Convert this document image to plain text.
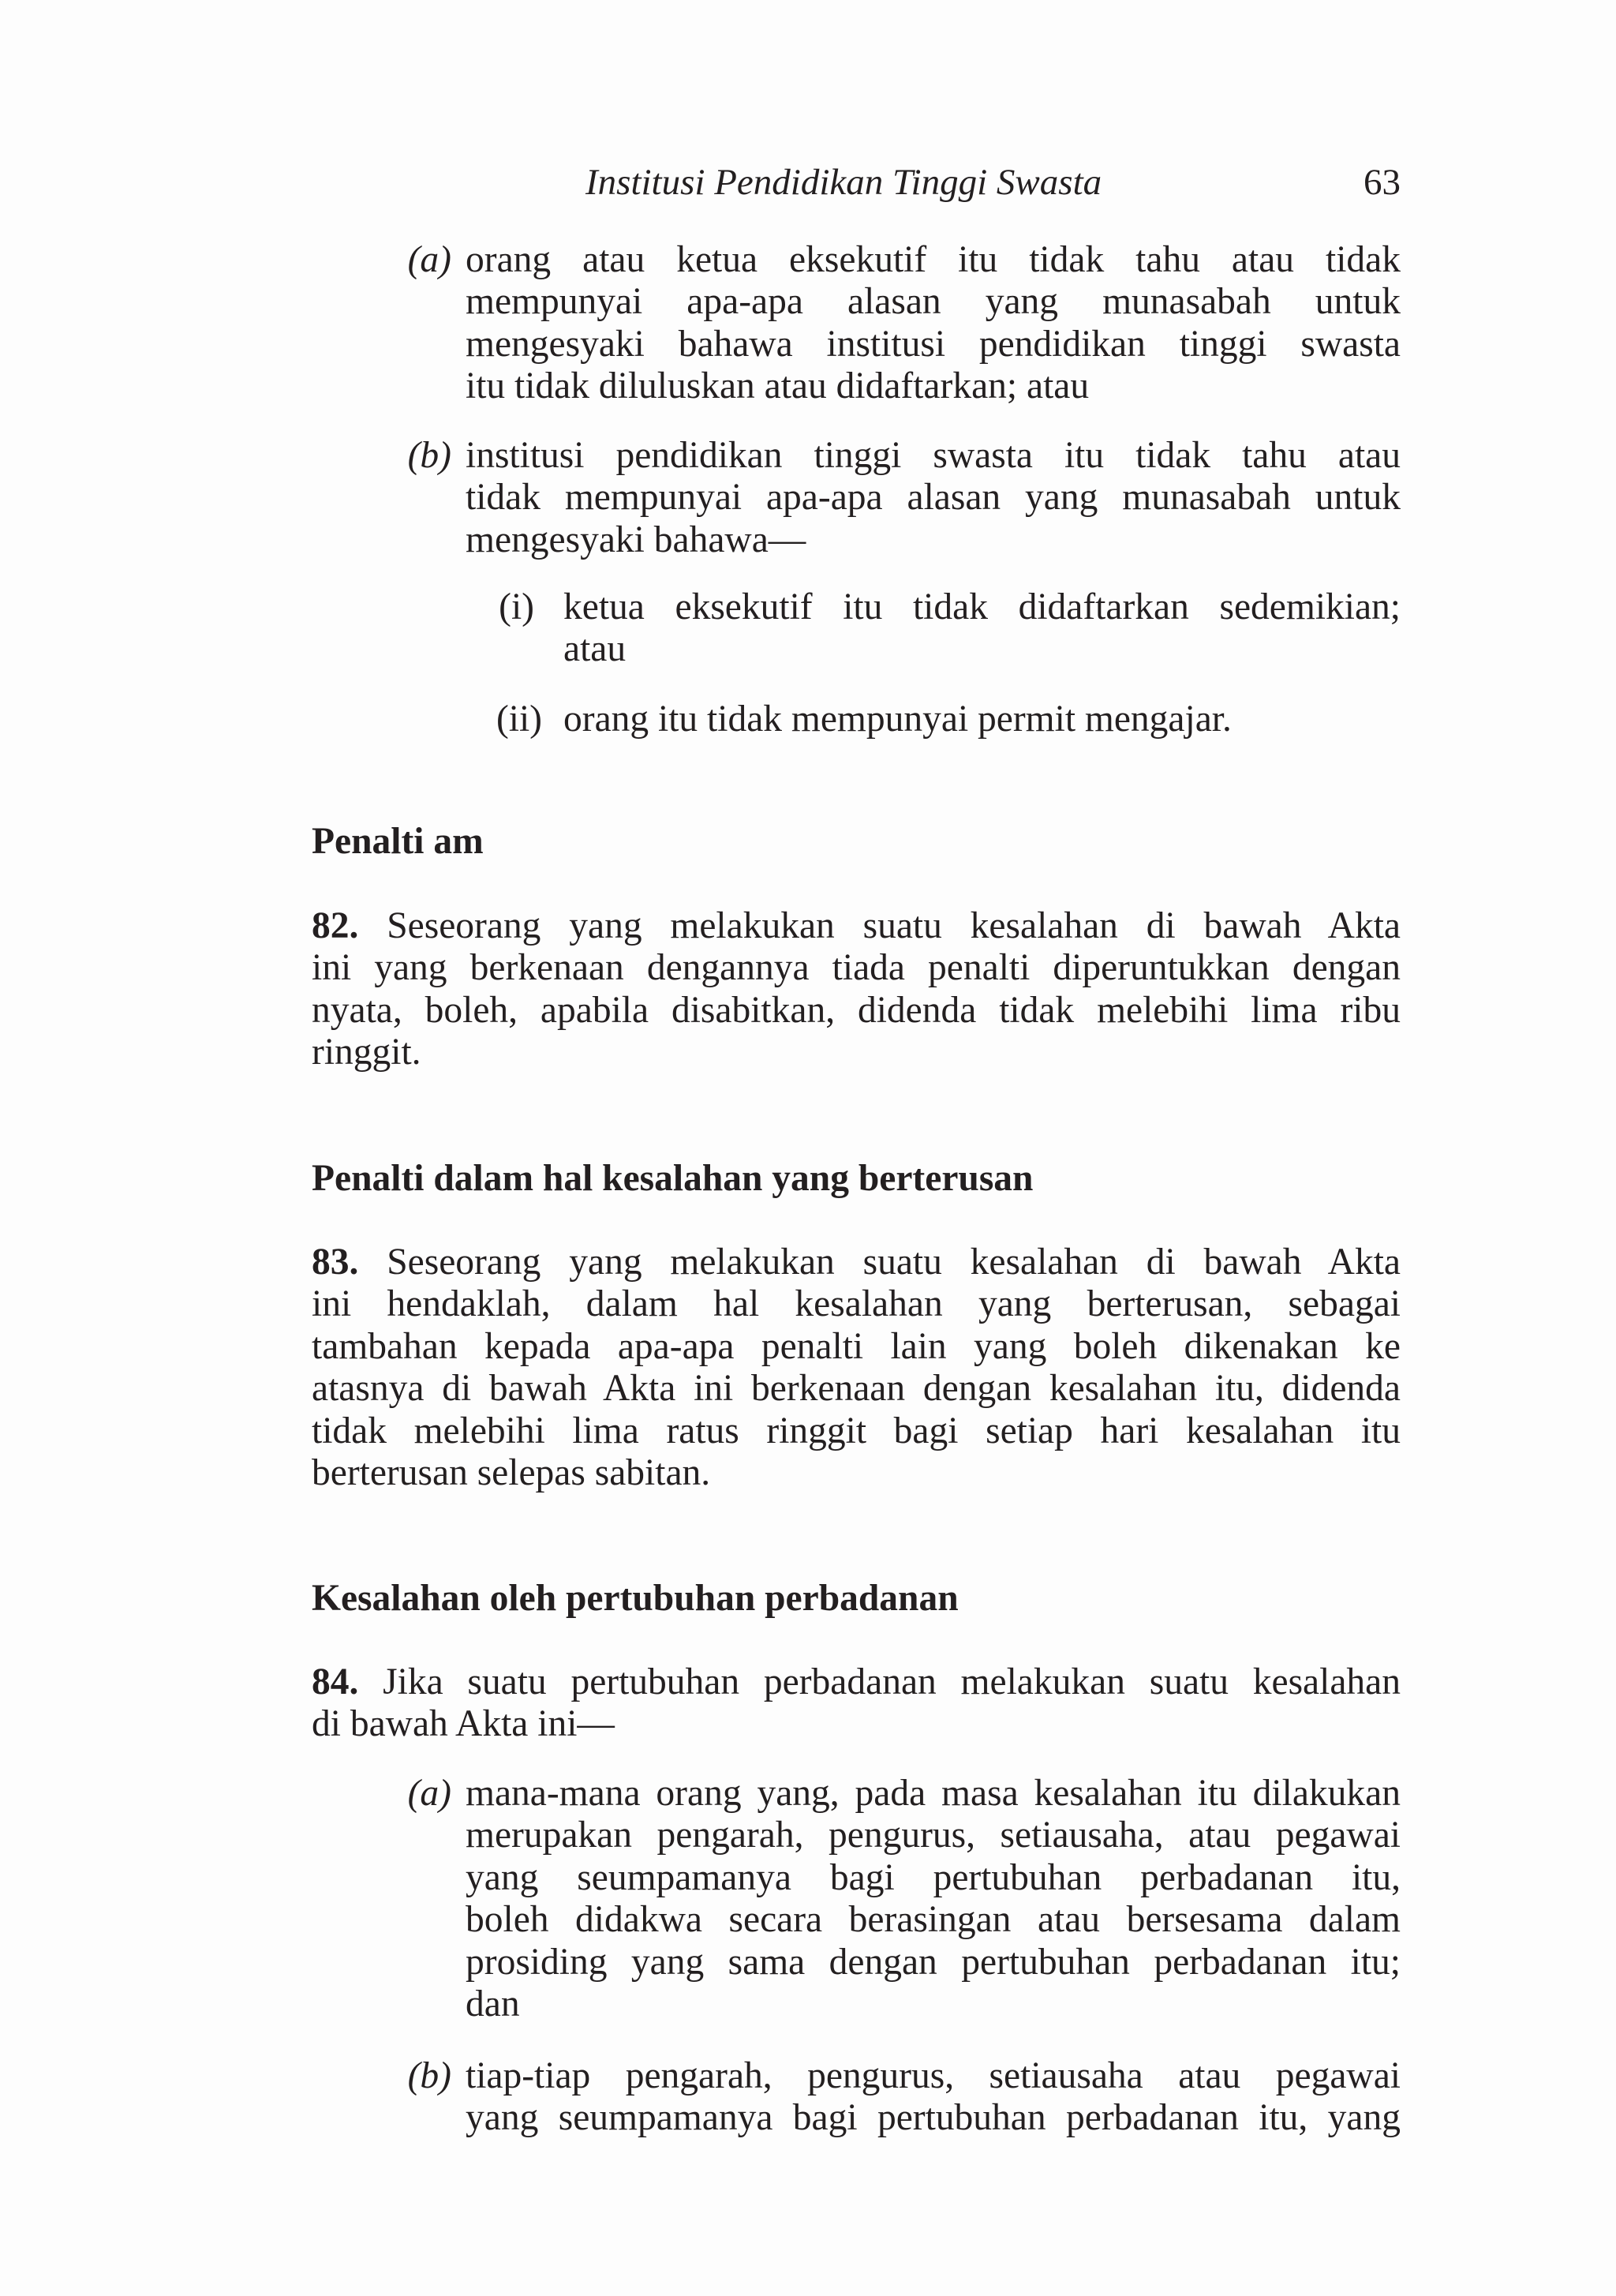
Institusi Pendidikan Tinggi Swasta	63
(a) orang atau ketua eksekutif itu tidak tahu atau tidak
mempunyai apa-apa alasan yang munasabah untuk
mengesyaki bahawa institusi pendidikan tinggi swasta
itu tidak diluluskan atau didaftarkan; atau
(b) institusi pendidikan tinggi swasta itu tidak tahu atau
tidak mempunyai apa-apa alasan yang munasabah untuk
mengesyaki bahawa—
(i) ketua eksekutif itu tidak didaftarkan sedemikian;
atau
(ii) orang itu tidak mempunyai permit mengajar.
Penalti am
82. Seseorang yang melakukan suatu kesalahan di bawah Akta
ini yang berkenaan dengannya tiada penalti diperuntukkan dengan
nyata, boleh, apabila disabitkan, didenda tidak melebihi lima ribu
ringgit.
Penalti dalam hal kesalahan yang berterusan
83. Seseorang yang melakukan suatu kesalahan di bawah Akta
ini hendaklah, dalam hal kesalahan yang berterusan, sebagai
tambahan kepada apa-apa penalti lain yang boleh dikenakan ke
atasnya di bawah Akta ini berkenaan dengan kesalahan itu, didenda
tidak melebihi lima ratus ringgit bagi setiap hari kesalahan itu
berterusan selepas sabitan.
Kesalahan oleh pertubuhan perbadanan
84. Jika suatu pertubuhan perbadanan melakukan suatu kesalahan
di bawah Akta ini—
(a) mana-mana orang yang, pada masa kesalahan itu dilakukan
merupakan pengarah, pengurus, setiausaha, atau pegawai
yang seumpamanya bagi pertubuhan perbadanan itu,
boleh didakwa secara berasingan atau bersesama dalam
prosiding yang sama dengan pertubuhan perbadanan itu;
dan
(b) tiap-tiap pengarah, pengurus, setiausaha atau pegawai
yang seumpamanya bagi pertubuhan perbadanan itu, yang
